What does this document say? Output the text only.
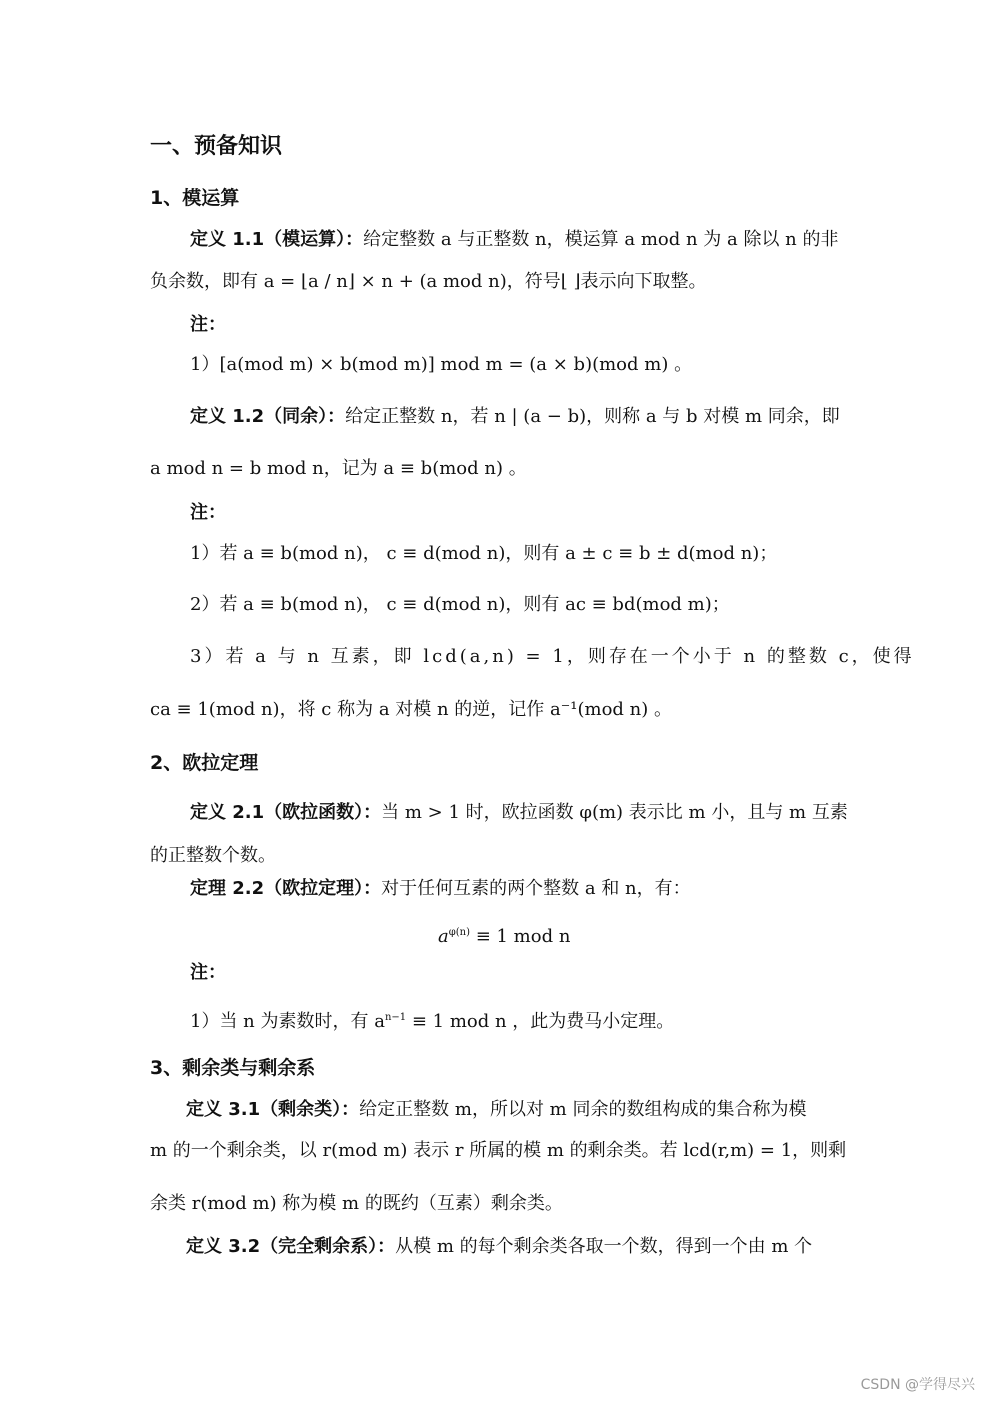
一、预备知识
1、模运算
定义 1.1（模运算）：给定整数 a 与正整数 n，模运算 a mod n 为 a 除以 n 的非
负余数，即有 a = ⌊a / n⌋ × n + (a mod n)，符号⌊ ⌋表示向下取整。
注：
1）[a(mod m) × b(mod m)] mod m = (a × b)(mod m) 。
定义 1.2（同余）：给定正整数 n，若 n | (a − b)，则称 a 与 b 对模 m 同余，即
a mod n = b mod n，记为 a ≡ b(mod n) 。
注：
1）若 a ≡ b(mod n)， c ≡ d(mod n)，则有 a ± c ≡ b ± d(mod n)；
2）若 a ≡ b(mod n)， c ≡ d(mod n)，则有 ac ≡ bd(mod m)；
3）若 a 与 n 互素，即 lcd(a,n) = 1，则存在一个小于 n 的整数 c，使得
ca ≡ 1(mod n)，将 c 称为 a 对模 n 的逆，记作 a⁻¹(mod n) 。
2、欧拉定理
定义 2.1（欧拉函数）：当 m > 1 时，欧拉函数 φ(m) 表示比 m 小，且与 m 互素
的正整数个数。
定理 2.2（欧拉定理）：对于任何互素的两个整数 a 和 n，有：
$a^{\varphi(n)} \equiv 1$ mod n
注：
1）当 n 为素数时，有 $a^{n-1} \equiv 1$ mod n ，此为费马小定理。
3、剩余类与剩余系
定义 3.1（剩余类）：给定正整数 m，所以对 m 同余的数组构成的集合称为模
m 的一个剩余类，以 r(mod m) 表示 r 所属的模 m 的剩余类。若 lcd(r,m) = 1，则剩
余类 r(mod m) 称为模 m 的既约（互素）剩余类。
定义 3.2（完全剩余系）：从模 m 的每个剩余类各取一个数，得到一个由 m 个
CSDN @学得尽兴
